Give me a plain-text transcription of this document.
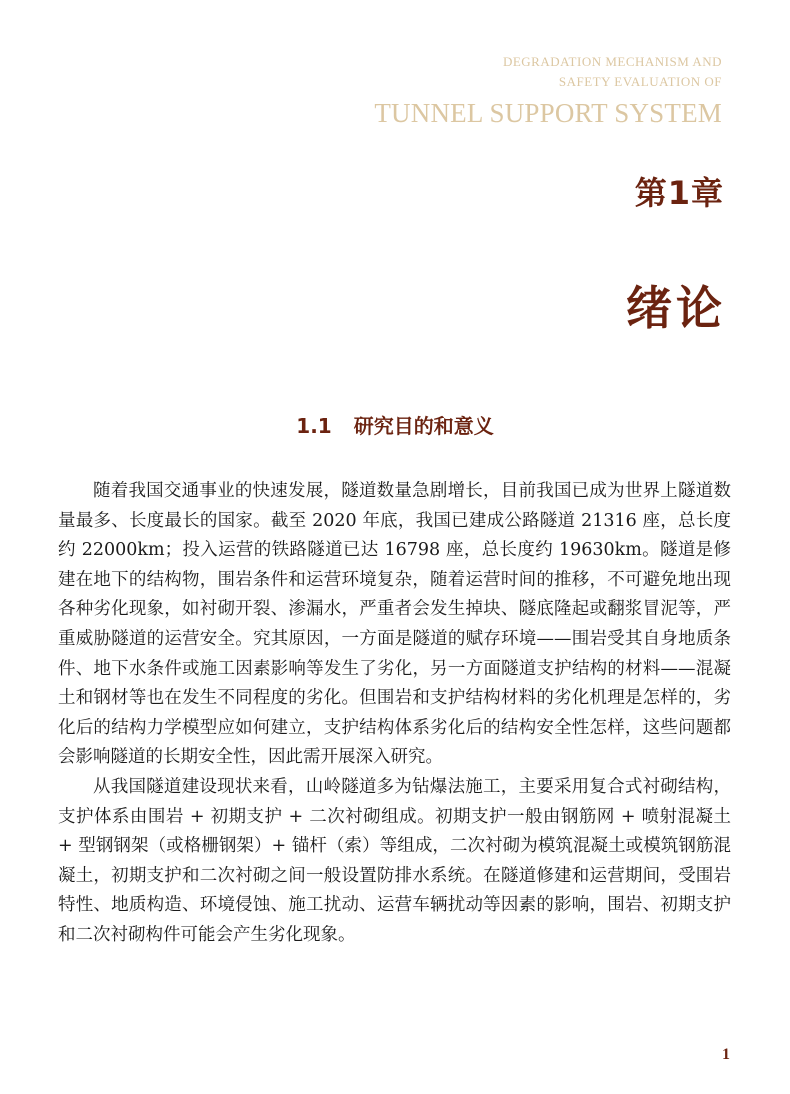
DEGRADATION MECHANISM AND
SAFETY EVALUATION OF
TUNNEL SUPPORT SYSTEM
第1章
绪论
1.1 研究目的和意义

随着我国交通事业的快速发展，隧道数量急剧增长，目前我国已成为世界上隧道数量最多、长度最长的国家。截至 2020 年底，我国已建成公路隧道 21316 座，总长度约 22000km；投入运营的铁路隧道已达 16798 座，总长度约 19630km。隧道是修建在地下的结构物，围岩条件和运营环境复杂，随着运营时间的推移，不可避免地出现各种劣化现象，如衬砌开裂、渗漏水，严重者会发生掉块、隧底隆起或翻浆冒泥等，严重威胁隧道的运营安全。究其原因，一方面是隧道的赋存环境——围岩受其自身地质条件、地下水条件或施工因素影响等发生了劣化，另一方面隧道支护结构的材料——混凝土和钢材等也在发生不同程度的劣化。但围岩和支护结构材料的劣化机理是怎样的，劣化后的结构力学模型应如何建立，支护结构体系劣化后的结构安全性怎样，这些问题都会影响隧道的长期安全性，因此需开展深入研究。

从我国隧道建设现状来看，山岭隧道多为钻爆法施工，主要采用复合式衬砌结构，支护体系由围岩 + 初期支护 + 二次衬砌组成。初期支护一般由钢筋网 + 喷射混凝土 + 型钢钢架（或格栅钢架）+ 锚杆（索）等组成，二次衬砌为模筑混凝土或模筑钢筋混凝土，初期支护和二次衬砌之间一般设置防排水系统。在隧道修建和运营期间，受围岩特性、地质构造、环境侵蚀、施工扰动、运营车辆扰动等因素的影响，围岩、初期支护和二次衬砌构件可能会产生劣化现象。

1
